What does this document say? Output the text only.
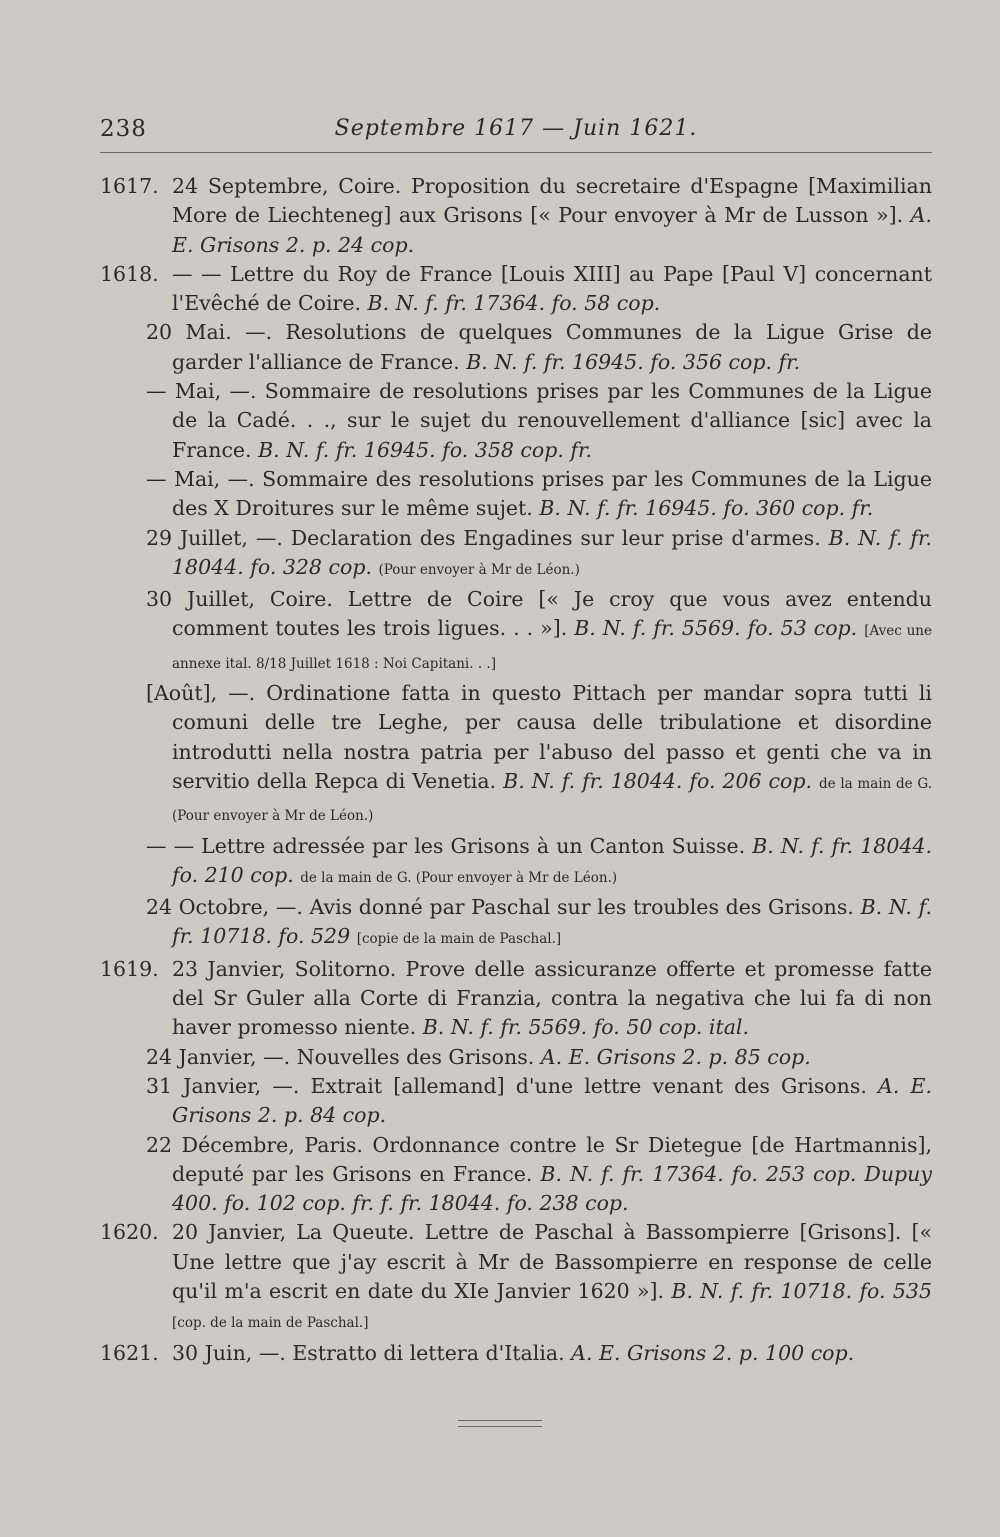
238	Septembre 1617 — Juin 1621.
1617. 24 Septembre, Coire. Proposition du secretaire d'Espagne [Maximilian More de Liechteneg] aux Grisons [« Pour envoyer à Mr de Lusson »]. A. E. Grisons 2. p. 24 cop.
1618. — — Lettre du Roy de France [Louis XIII] au Pape [Paul V] concernant l'Evêché de Coire. B. N. f. fr. 17364. fo. 58 cop.
20 Mai. —. Resolutions de quelques Communes de la Ligue Grise de garder l'alliance de France. B. N. f. fr. 16945. fo. 356 cop. fr.
— Mai, —. Sommaire de resolutions prises par les Communes de la Ligue de la Cadé. . ., sur le sujet du renouvellement d'alliance [sic] avec la France. B. N. f. fr. 16945. fo. 358 cop. fr.
— Mai, —. Sommaire des resolutions prises par les Communes de la Ligue des X Droitures sur le même sujet. B. N. f. fr. 16945. fo. 360 cop. fr.
29 Juillet, —. Declaration des Engadines sur leur prise d'armes. B. N. f. fr. 18044. fo. 328 cop. (Pour envoyer à Mr de Léon.)
30 Juillet, Coire. Lettre de Coire [« Je croy que vous avez entendu comment toutes les trois ligues. . . »]. B. N. f. fr. 5569. fo. 53 cop. [Avec une annexe ital. 8/18 Juillet 1618 : Noi Capitani. . .]
[Août], —. Ordinatione fatta in questo Pittach per mandar sopra tutti li comuni delle tre Leghe, per causa delle tribulatione et disordine introdutti nella nostra patria per l'abuso del passo et genti che va in servitio della Repca di Venetia. B. N. f. fr. 18044. fo. 206 cop. de la main de G. (Pour envoyer à Mr de Léon.)
— — Lettre adressée par les Grisons à un Canton Suisse. B. N. f. fr. 18044. fo. 210 cop. de la main de G. (Pour envoyer à Mr de Léon.)
24 Octobre, —. Avis donné par Paschal sur les troubles des Grisons. B. N. f. fr. 10718. fo. 529 [copie de la main de Paschal.]
1619. 23 Janvier, Solitorno. Prove delle assicuranze offerte et promesse fatte del Sr Guler alla Corte di Franzia, contra la negativa che lui fa di non haver promesso niente. B. N. f. fr. 5569. fo. 50 cop. ital.
24 Janvier, —. Nouvelles des Grisons. A. E. Grisons 2. p. 85 cop.
31 Janvier, —. Extrait [allemand] d'une lettre venant des Grisons. A. E. Grisons 2. p. 84 cop.
22 Décembre, Paris. Ordonnance contre le Sr Dietegue [de Hartmannis], deputé par les Grisons en France. B. N. f. fr. 17364. fo. 253 cop. Dupuy 400. fo. 102 cop. fr. f. fr. 18044. fo. 238 cop.
1620. 20 Janvier, La Queute. Lettre de Paschal à Bassompierre [Grisons]. [« Une lettre que j'ay escrit à Mr de Bassompierre en response de celle qu'il m'a escrit en date du XIe Janvier 1620 »]. B. N. f. fr. 10718. fo. 535 [cop. de la main de Paschal.]
1621. 30 Juin, —. Estratto di lettera d'Italia. A. E. Grisons 2. p. 100 cop.
